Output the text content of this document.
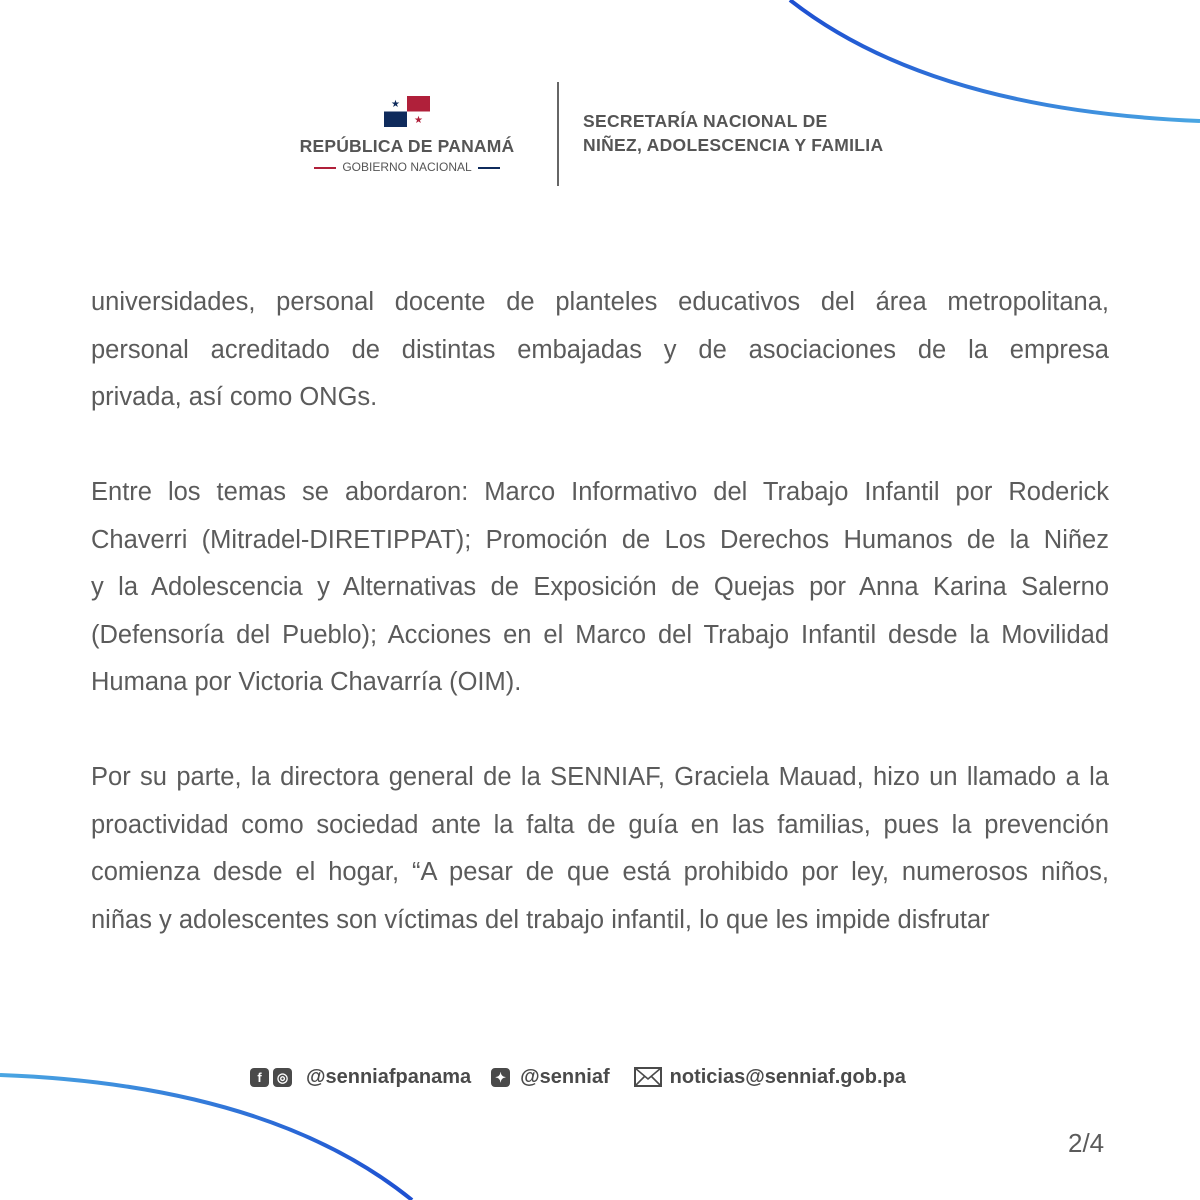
★
★
REPÚBLICA DE PANAMÁ
GOBIERNO NACIONAL
SECRETARÍA NACIONAL DE
NIÑEZ, ADOLESCENCIA Y FAMILIA
universidades, personal docente de planteles educativos del área metropolitana,
personal acreditado de distintas embajadas y de asociaciones de la empresa
privada, así como ONGs.
Entre los temas se abordaron: Marco Informativo del Trabajo Infantil por Roderick
Chaverri (Mitradel-DIRETIPPAT); Promoción de Los Derechos Humanos de la Niñez
y la Adolescencia y Alternativas de Exposición de Quejas por Anna Karina Salerno
(Defensoría del Pueblo); Acciones en el Marco del Trabajo Infantil desde la Movilidad
Humana por Victoria Chavarría (OIM).
Por su parte, la directora general de la SENNIAF, Graciela Mauad, hizo un llamado a la
proactividad como sociedad ante la falta de guía en las familias, pues la prevención
comienza desde el hogar, “A pesar de que está prohibido por ley, numerosos niños,
niñas y adolescentes son víctimas del trabajo infantil, lo que les impide disfrutar
f	◎ @senniafpanama	✦ @senniaf	noticias@senniaf.gob.pa
2/4
